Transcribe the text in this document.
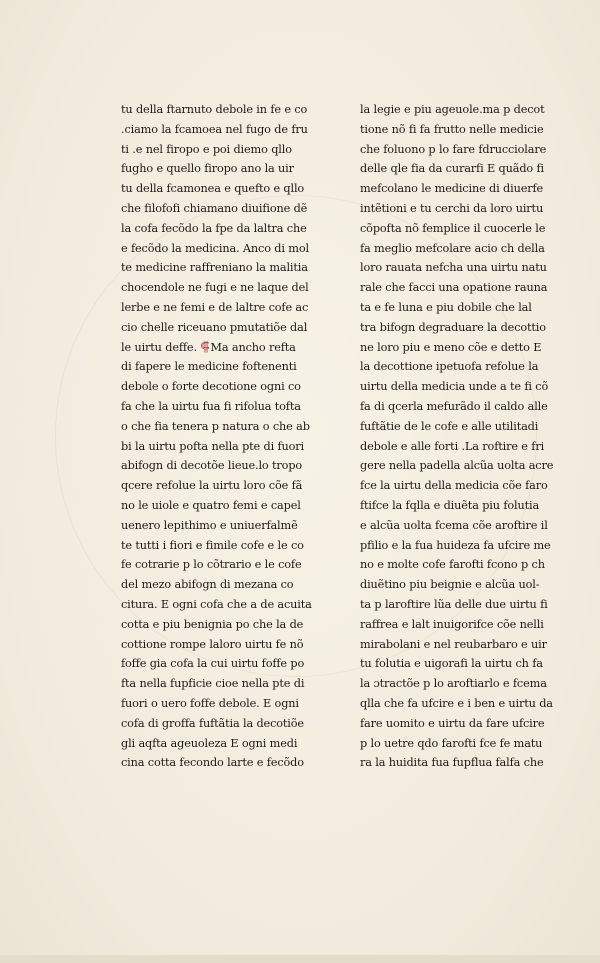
tu della ftarnuto debole in fe e co
.ciamo la fcamoea nel fugo de fru
ti .e nel firopo e poi diemo qllo
fugho e quello firopo ano la uir
tu della fcamonea e quefto e qllo
che filofofi chiamano diuifione dẽ
la cofa fecõdo la fpe da laltra che
e fecõdo la medicina. Anco di mol
te medicine raffreniano la malitia
chocendole ne fugi e ne laque del
lerbe e ne femi e de laltre cofe ac
cio chelle riceuano pmutatiõe dal
le uirtu deffe. ⸿Ma ancho refta
di fapere le medicine foftenenti
debole o forte decotione ogni co
fa che la uirtu fua fi rifolua tofta
o che fia tenera p natura o che ab
bi la uirtu pofta nella pte di fuori
abifogn di decotõe lieue.lo tropo
qcere refolue la uirtu loro cõe fã
no le uiole e quatro femi e capel
uenero lepithimo e uniuerfalmẽ
te tutti i fiori e fimile cofe e le co
fe cotrarie p lo cõtrario e le cofe
del mezo abifogn di mezana co
citura. E ogni cofa che a de acuita
cotta e piu benignia po che la de
cottione rompe laloro uirtu fe nõ
foffe gia cofa la cui uirtu foffe po
fta nella fupficie cioe nella pte di
fuori o uero foffe debole. E ogni
cofa di groffa fuftãtia la decotiõe
gli aqfta ageuoleza E ogni medi
cina cotta fecondo larte e fecõdo
la legie e piu ageuole.ma p decot
tione nõ fi fa frutto nelle medicie
che foluono p lo fare fdrucciolare
delle qle fia da curarfi E quãdo fi
mefcolano le medicine di diuerfe
intẽtioni e tu cerchi da loro uirtu
cõpofta nõ femplice il cuocerle le
fa meglio mefcolare acio ch della
loro rauata nefcha una uirtu natu
rale che facci una opatione rauna
ta e fe luna e piu dobile che lal
tra bifogn degraduare la decottio
ne loro piu e meno cõe e detto E
la decottione ipetuofa refolue la
uirtu della medicia unde a te fi cõ
fa di qcerla mefurãdo il caldo alle
fuftãtie de le cofe e alle utilitadi
debole e alle forti .La roftire e fri
gere nella padella alcũa uolta acre
fce la uirtu della medicia cõe faro
ftifce la fqlla e diuẽta piu folutia
e alcũa uolta fcema cõe aroftire il
pfilio e la fua huideza fa ufcire me
no e molte cofe farofti fcono p ch
diuẽtino piu beignie e alcũa uol-
ta p laroftire lũa delle due uirtu fi
raffrea e lalt inuigorifce cõe nelli
mirabolani e nel reubarbaro e uir
tu folutia e uigorafi la uirtu ch fa
la ɔtractõe p lo aroftiarlo e fcema
qlla che fa ufcire e i ben e uirtu da
fare uomito e uirtu da fare ufcire
p lo uetre qdo farofti fce fe matu
ra la huidita fua fupflua falfa che
